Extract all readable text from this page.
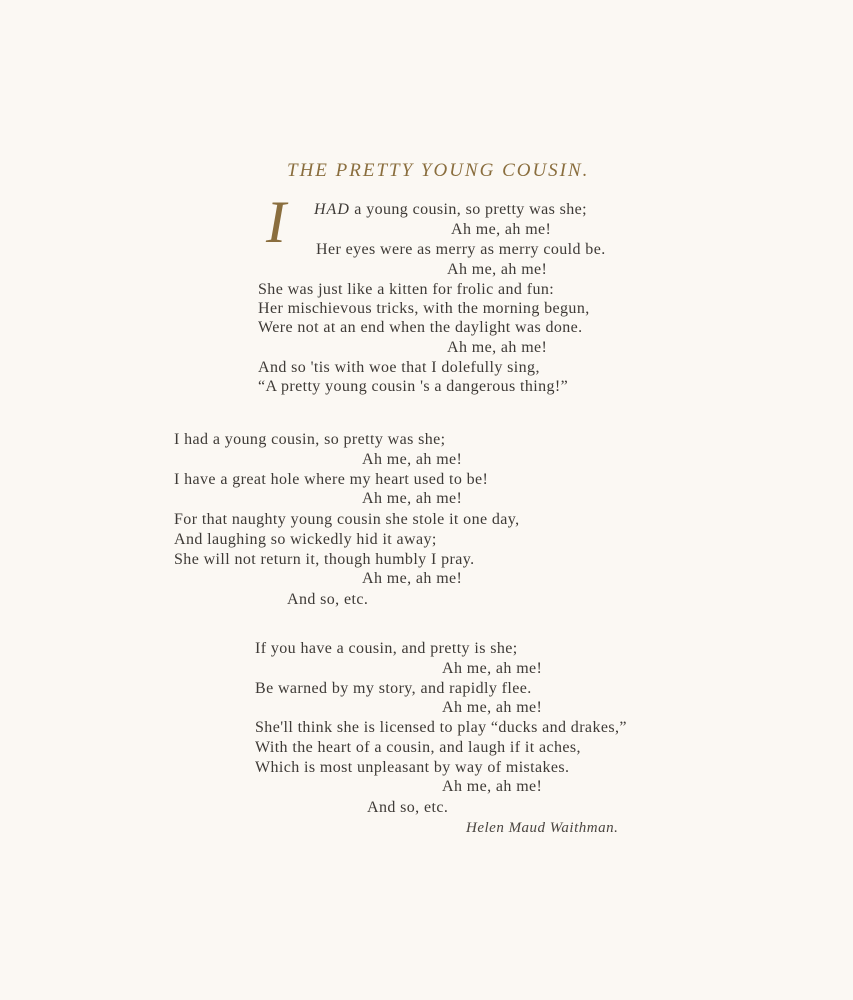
THE PRETTY YOUNG COUSIN.
I HAD a young cousin, so pretty was she;
Ah me, ah me!
Her eyes were as merry as merry could be.
Ah me, ah me!
She was just like a kitten for frolic and fun:
Her mischievous tricks, with the morning begun,
Were not at an end when the daylight was done.
Ah me, ah me!
And so 'tis with woe that I dolefully sing,
“A pretty young cousin 's a dangerous thing!”
I had a young cousin, so pretty was she;
Ah me, ah me!
I have a great hole where my heart used to be!
Ah me, ah me!
For that naughty young cousin she stole it one day,
And laughing so wickedly hid it away;
She will not return it, though humbly I pray.
Ah me, ah me!
And so, etc.
If you have a cousin, and pretty is she;
Ah me, ah me!
Be warned by my story, and rapidly flee.
Ah me, ah me!
She'll think she is licensed to play “ducks and drakes,”
With the heart of a cousin, and laugh if it aches,
Which is most unpleasant by way of mistakes.
Ah me, ah me!
And so, etc.
Helen Maud Waithman.
